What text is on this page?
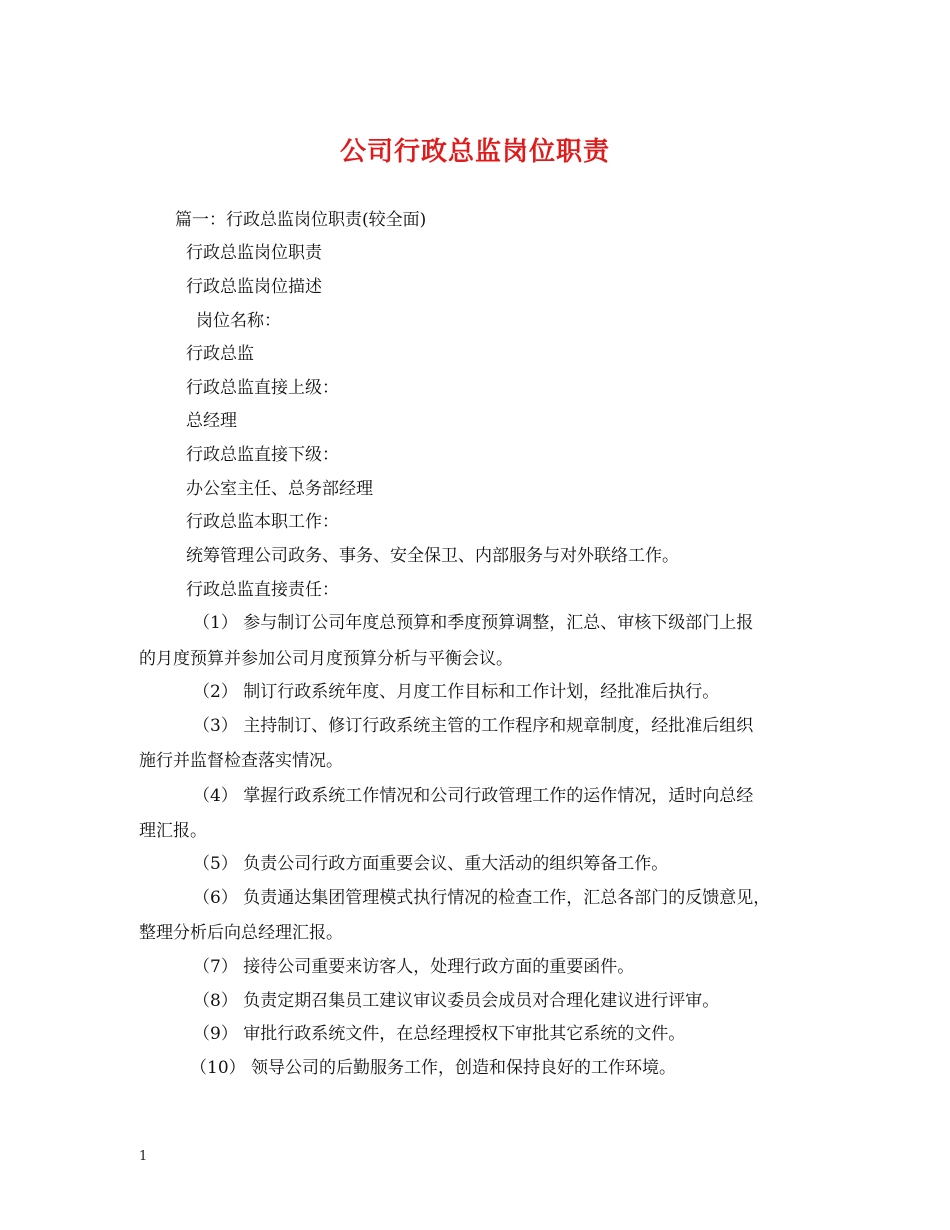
公司行政总监岗位职责
篇一：行政总监岗位职责(较全面)
行政总监岗位职责
行政总监岗位描述
岗位名称：
行政总监
行政总监直接上级：
总经理
行政总监直接下级：
办公室主任、总务部经理
行政总监本职工作：
统筹管理公司政务、事务、安全保卫、内部服务与对外联络工作。
行政总监直接责任：
（1） 参与制订公司年度总预算和季度预算调整，汇总、审核下级部门上报
的月度预算并参加公司月度预算分析与平衡会议。
（2） 制订行政系统年度、月度工作目标和工作计划，经批准后执行。
（3） 主持制订、修订行政系统主管的工作程序和规章制度，经批准后组织
施行并监督检查落实情况。
（4） 掌握行政系统工作情况和公司行政管理工作的运作情况，适时向总经
理汇报。
（5） 负责公司行政方面重要会议、重大活动的组织筹备工作。
（6） 负责通达集团管理模式执行情况的检查工作，汇总各部门的反馈意见，
整理分析后向总经理汇报。
（7） 接待公司重要来访客人，处理行政方面的重要函件。
（8） 负责定期召集员工建议审议委员会成员对合理化建议进行评审。
（9） 审批行政系统文件，在总经理授权下审批其它系统的文件。
（10） 领导公司的后勤服务工作，创造和保持良好的工作环境。
1
